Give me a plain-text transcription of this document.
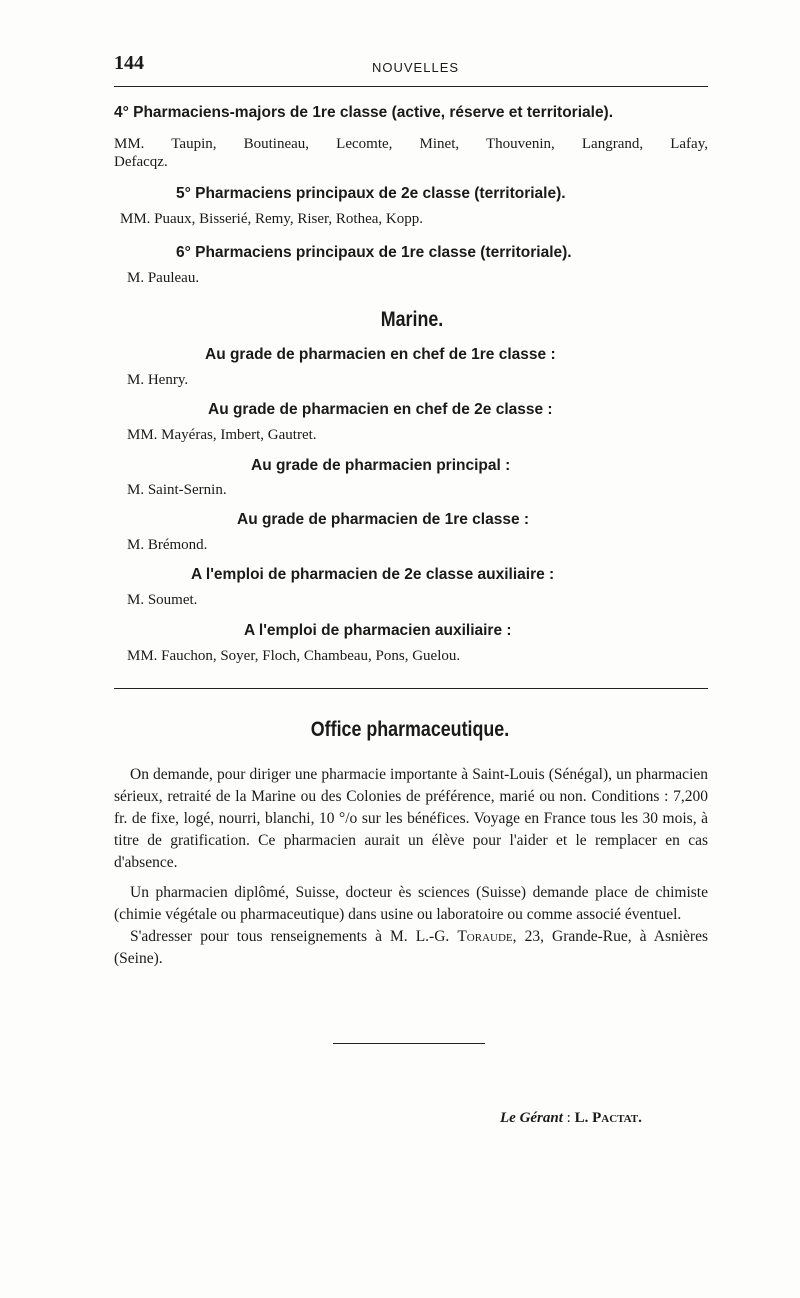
144	NOUVELLES
4° Pharmaciens-majors de 1re classe (active, réserve et territoriale).
MM. Taupin, Boutineau, Lecomte, Minet, Thouvenin, Langrand, Lafay,
Defacqz.
5° Pharmaciens principaux de 2e classe (territoriale).
MM. Puaux, Bisserié, Remy, Riser, Rothea, Kopp.
6° Pharmaciens principaux de 1re classe (territoriale).
M. Pauleau.
Marine.
Au grade de pharmacien en chef de 1re classe :
M. Henry.
Au grade de pharmacien en chef de 2e classe :
MM. Mayéras, Imbert, Gautret.
Au grade de pharmacien principal :
M. Saint-Sernin.
Au grade de pharmacien de 1re classe :
M. Brémond.
A l'emploi de pharmacien de 2e classe auxiliaire :
M. Soumet.
A l'emploi de pharmacien auxiliaire :
MM. Fauchon, Soyer, Floch, Chambeau, Pons, Guelou.
Office pharmaceutique.

On demande, pour diriger une pharmacie importante à Saint-Louis (Sénégal), un pharmacien sérieux, retraité de la Marine ou des Colonies de préférence, marié ou non. Conditions : 7,200 fr. de fixe, logé, nourri, blanchi, 10 °/o sur les bénéfices. Voyage en France tous les 30 mois, à titre de gratification. Ce pharmacien aurait un élève pour l'aider et le remplacer en cas d'absence.

Un pharmacien diplômé, Suisse, docteur ès sciences (Suisse) demande place de chimiste (chimie végétale ou pharmaceutique) dans usine ou laboratoire ou comme associé éventuel.

S'adresser pour tous renseignements à M. L.-G. Toraude, 23, Grande-Rue, à Asnières (Seine).

Le Gérant : L. Pactat.
